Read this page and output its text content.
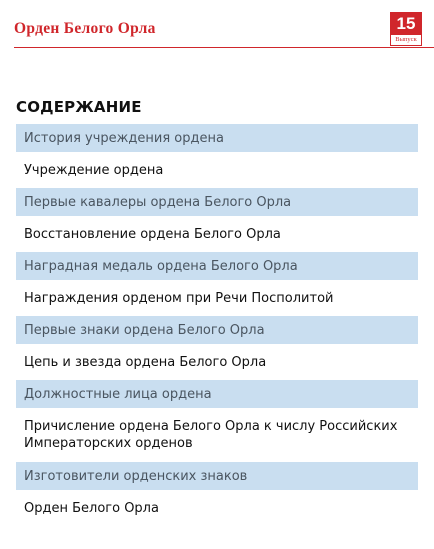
Орден Белого Орла	15
Выпуск
СОДЕРЖАНИЕ
История учреждения ордена
Учреждение ордена
Первые кавалеры ордена Белого Орла
Восстановление ордена Белого Орла
Наградная медаль ордена Белого Орла
Награждения орденом при Речи Посполитой
Первые знаки ордена Белого Орла
Цепь и звезда ордена Белого Орла
Должностные лица ордена
Причисление ордена Белого Орла к числу Российских Императорских орденов
Изготовители орденских знаков
Орден Белого Орла
